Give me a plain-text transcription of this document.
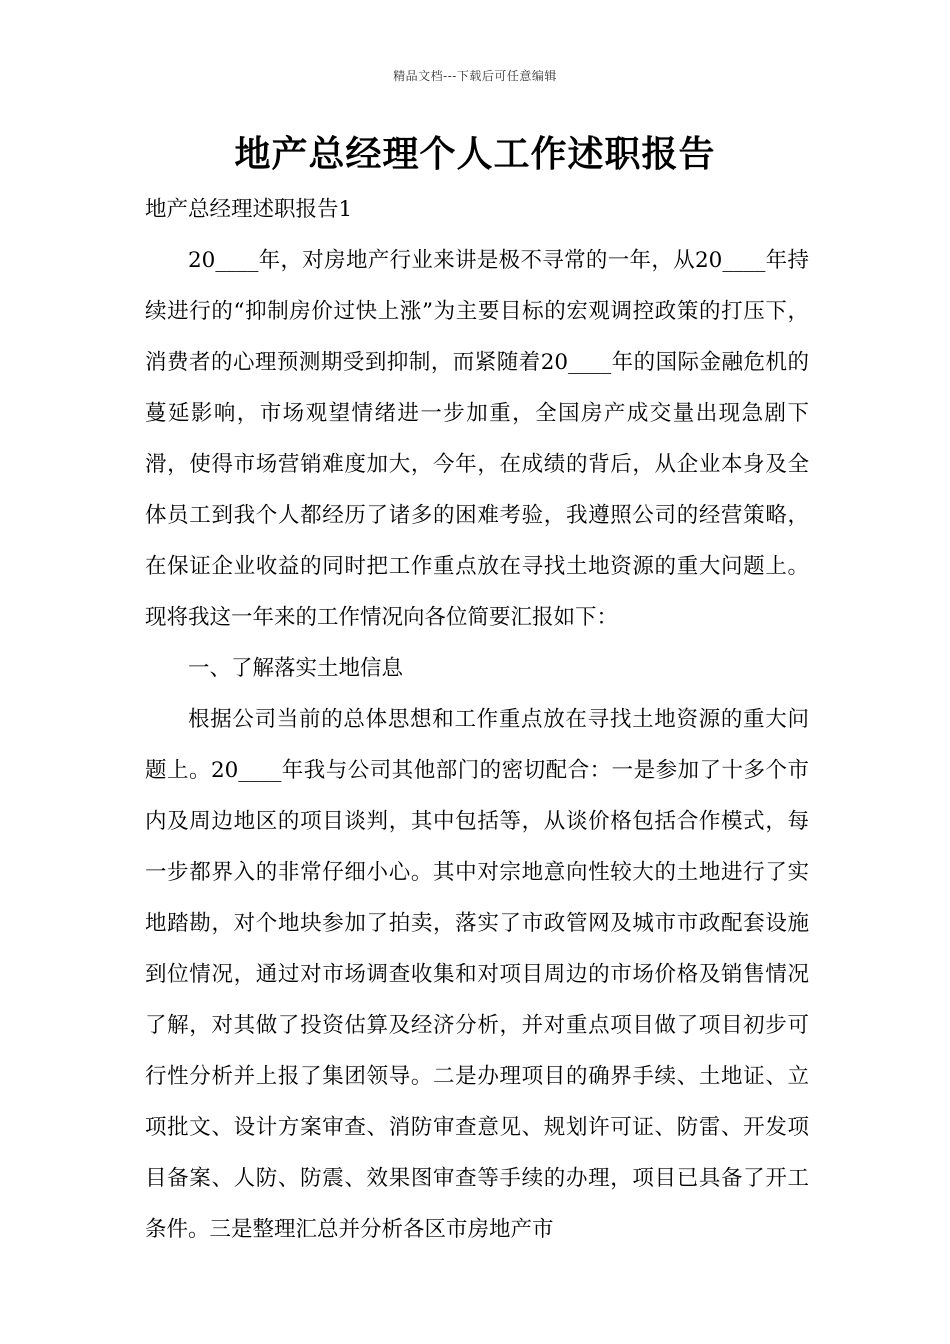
精品文档---下载后可任意编辑
地产总经理个人工作述职报告

地产总经理述职报告1

20____年，对房地产行业来讲是极不寻常的一年，从20____年持续进行的“抑制房价过快上涨”为主要目标的宏观调控政策的打压下，消费者的心理预测期受到抑制，而紧随着20____年的国际金融危机的蔓延影响，市场观望情绪进一步加重，全国房产成交量出现急剧下滑，使得市场营销难度加大，今年，在成绩的背后，从企业本身及全体员工到我个人都经历了诸多的困难考验，我遵照公司的经营策略，在保证企业收益的同时把工作重点放在寻找土地资源的重大问题上。现将我这一年来的工作情况向各位简要汇报如下：

一、了解落实土地信息

根据公司当前的总体思想和工作重点放在寻找土地资源的重大问题上。20____年我与公司其他部门的密切配合：一是参加了十多个市内及周边地区的项目谈判，其中包括等，从谈价格包括合作模式，每一步都界入的非常仔细小心。其中对宗地意向性较大的土地进行了实地踏勘，对个地块参加了拍卖，落实了市政管网及城市市政配套设施到位情况，通过对市场调查收集和对项目周边的市场价格及销售情况了解，对其做了投资估算及经济分析，并对重点项目做了项目初步可行性分析并上报了集团领导。二是办理项目的确界手续、土地证、立项批文、设计方案审查、消防审查意见、规划许可证、防雷、开发项目备案、人防、防震、效果图审查等手续的办理，项目已具备了开工条件。三是整理汇总并分析各区市房地产市
